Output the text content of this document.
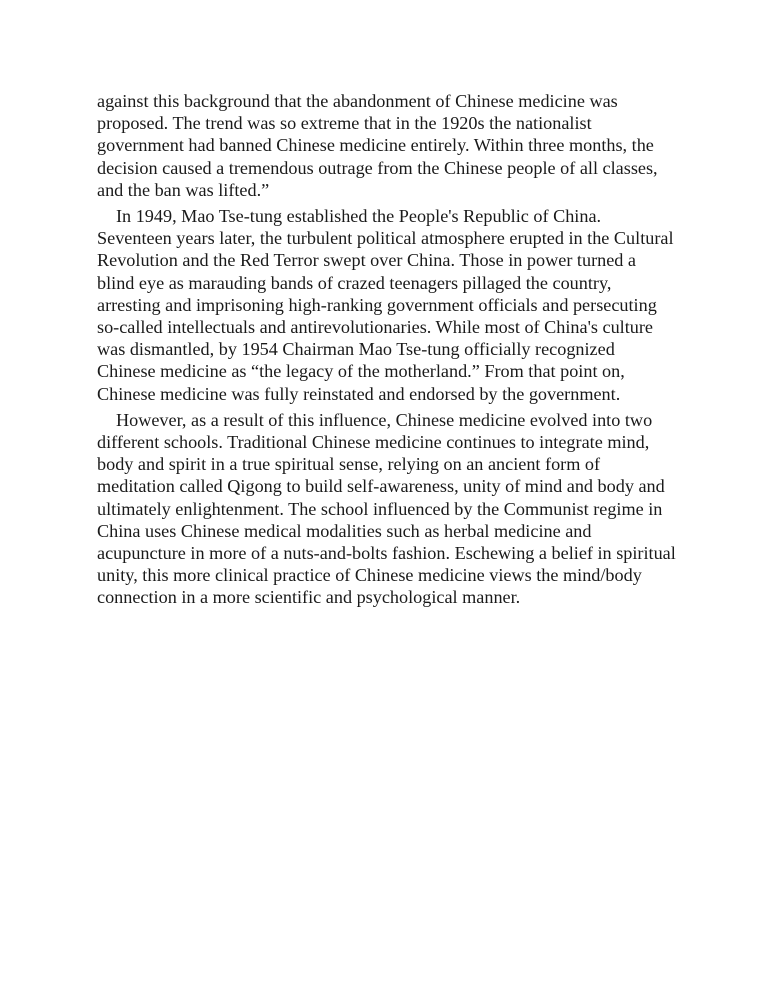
against this background that the abandonment of Chinese medicine was proposed. The trend was so extreme that in the 1920s the nationalist government had banned Chinese medicine entirely. Within three months, the decision caused a tremendous outrage from the Chinese people of all classes, and the ban was lifted.”

In 1949, Mao Tse-tung established the People's Republic of China. Seventeen years later, the turbulent political atmosphere erupted in the Cultural Revolution and the Red Terror swept over China. Those in power turned a blind eye as marauding bands of crazed teenagers pillaged the country, arresting and imprisoning high-ranking government officials and persecuting so-called intellectuals and antirevolutionaries. While most of China's culture was dismantled, by 1954 Chairman Mao Tse-tung officially recognized Chinese medicine as “the legacy of the motherland.” From that point on, Chinese medicine was fully reinstated and endorsed by the government.

However, as a result of this influence, Chinese medicine evolved into two different schools. Traditional Chinese medicine continues to integrate mind, body and spirit in a true spiritual sense, relying on an ancient form of meditation called Qigong to build self-awareness, unity of mind and body and ultimately enlightenment. The school influenced by the Communist regime in China uses Chinese medical modalities such as herbal medicine and acupuncture in more of a nuts-and-bolts fashion. Eschewing a belief in spiritual unity, this more clinical practice of Chinese medicine views the mind/body connection in a more scientific and psychological manner.
